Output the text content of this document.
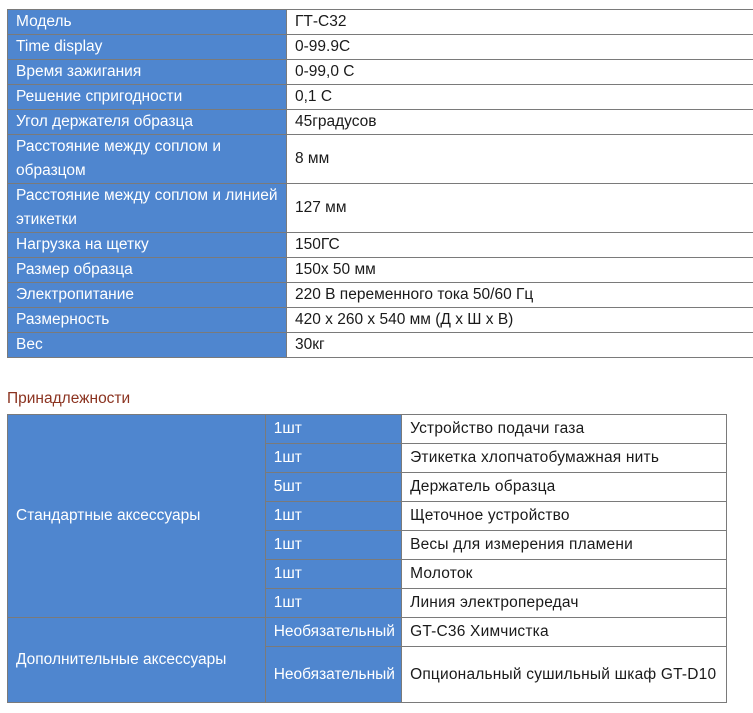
Модель	ГТ-С32
Time display	0-99.9С
Время зажигания	0-99,0 С
Решение спригодности	0,1 С
Угол держателя образца	45градусов
Расстояние между соплом и образцом	8 мм
Расстояние между соплом и линией этикетки	127 мм
Нагрузка на щетку	150ГС
Размер образца	150x 50 мм
Электропитание	220 В переменного тока 50/60 Гц
Размерность	420 x 260 x 540 мм (Д x Ш x В)
Вес	30кг
Принадлежности
Стандартные аксессуары	1шт	Устройство подачи газа
	1шт	Этикетка хлопчатобумажная нить
	5шт	Держатель образца
	1шт	Щеточное устройство
	1шт	Весы для измерения пламени
	1шт	Молоток
	1шт	Линия электропередач
Дополнительные аксессуары	Необязательный	GT-C36 Химчистка
	Необязательный	Опциональный сушильный шкаф GT-D10
